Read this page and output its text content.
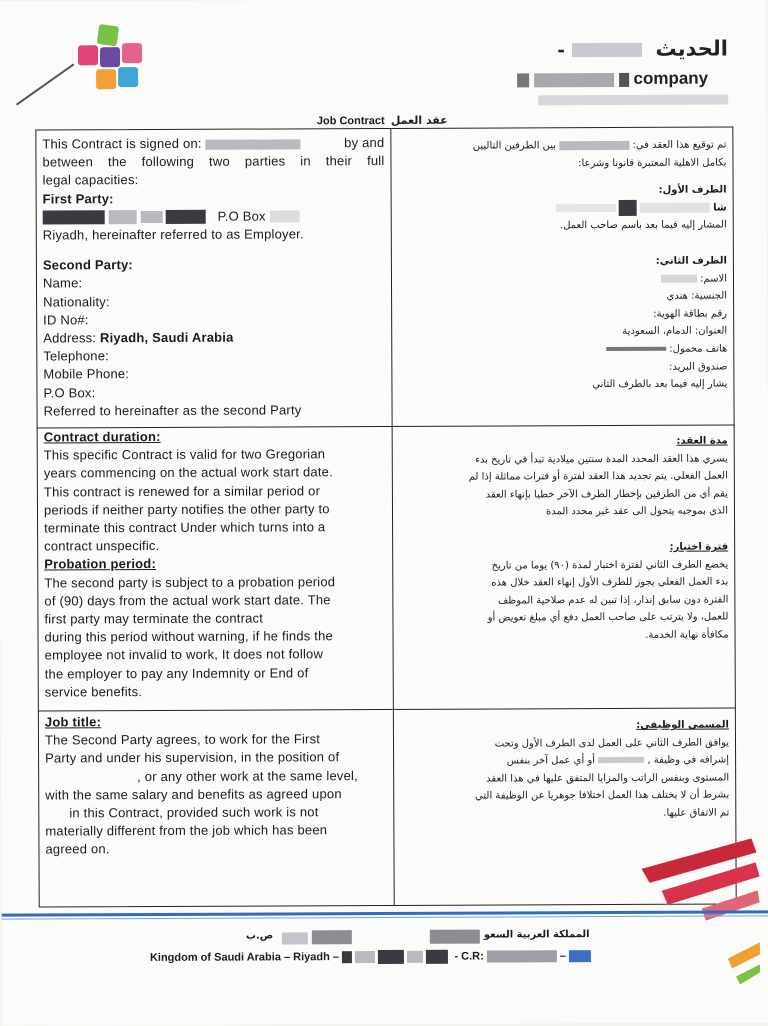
الحديث  -
company
Job Contract عقد العمل
This Contract is signed on:	by and
between the following two parties in their full
legal capacities:
First Party:
P.O Box
Riyadh, hereinafter referred to as Employer.
Second Party:
Name:
Nationality:
ID No#:
Address: Riyadh, Saudi Arabia
Telephone:
Mobile Phone:
P.O Box:
Referred to hereinafter as the second Party
تم توقيع هذا العقد في:  بين الطرفين التاليين
بكامل الاهلية المعتبرة قانونا وشرعا:
الطرف الأول:
شا
المشار إليه فيما بعد باسم صاحب العمل.
الطرف الثاني:
الاسم:
الجنسية: هندي
رقم بطاقة الهوية:
العنوان: الدمام، السعودية
هاتف محمول:
صندوق البريد:
يشار إليه فيما بعد بالطرف الثاني
Contract duration:
This specific Contract is valid for two Gregorian
years commencing on the actual work start date.
This contract is renewed for a similar period or
periods if neither party notifies the other party to
terminate this contract Under which turns into a
contract unspecific.
Probation period:
The second party is subject to a probation period
of (90) days from the actual work start date. The
first party may terminate the contract
during this period without warning, if he finds the
employee not invalid to work, It does not follow
the employer to pay any Indemnity or End of
service benefits.
مدة العقد:
يسري هذا العقد المحدد المدة سنتين ميلادية تبدأ في تاريخ بدء
العمل الفعلي. يتم تجديد هذا العقد لفترة أو فترات مماثلة إذا لم
يقم أي من الطرفين بإخطار الطرف الآخر خطيا بإنهاء العقد
الذي بموجبه يتحول الى عقد غير محدد المدة
فترة اختبار:
يخضع الطرف الثاني لفترة اختبار لمدة (٩٠) يوما من تاريخ
بدء العمل الفعلي يجوز للطرف الأول إنهاء العقد خلال هذه
الفترة دون سابق إنذار، إذا تبين له عدم صلاحية الموظف
للعمل، ولا يترتب على صاحب العمل دفع أي مبلغ تعويض أو
مكافأة نهاية الخدمة.
Job title:
The Second Party agrees, to work for the First
Party and under his supervision, in the position of
, or any other work at the same level,
with the same salary and benefits as agreed upon
in this Contract, provided such work is not
materially different from the job which has been
agreed on.
المسمى الوظيفي:
يوافق الطرف الثاني على العمل لدى الطرف الأول وتحت
إشرافه في وظيفة ,  أو أي عمل آخر بنفس
المستوى وبنفس الراتب والمزايا المتفق عليها في هذا العقد
بشرط أن لا يختلف هذا العمل اختلافا جوهريا عن الوظيفة التي
تم الاتفاق عليها.
ص.ب	المملكة العربية السعو
Kingdom of Saudi Arabia – Riyadh –	- C.R:	–
